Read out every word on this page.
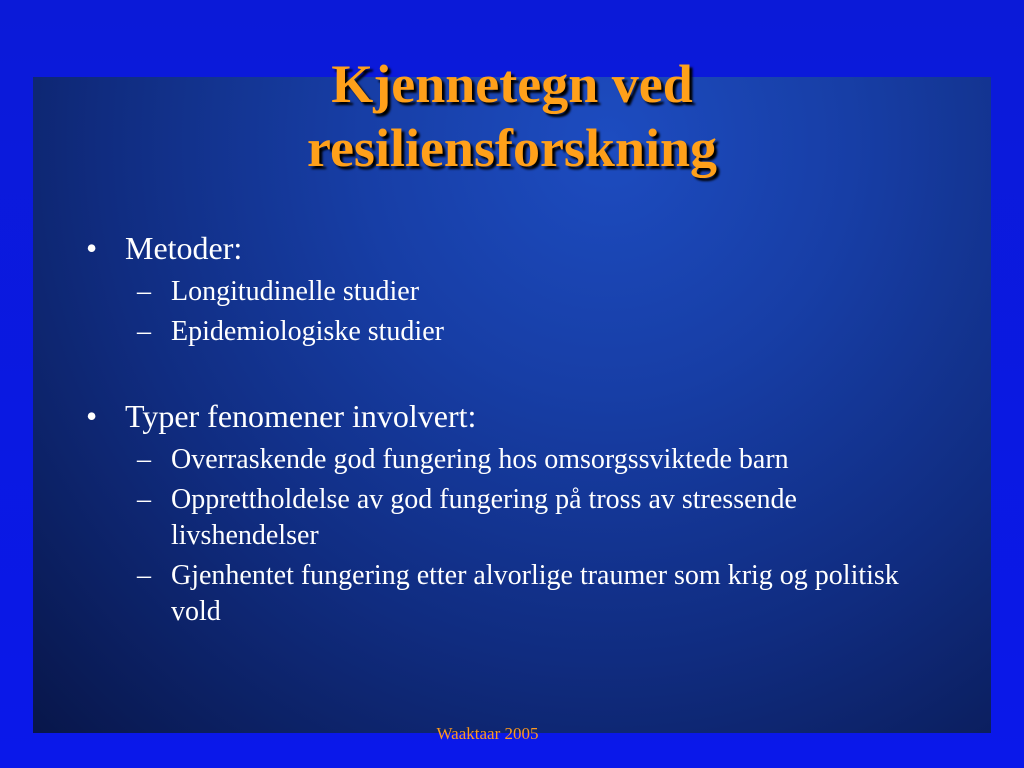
Kjennetegn ved
resiliensforskning
• Metoder:
– Longitudinelle studier
– Epidemiologiske studier
• Typer fenomener involvert:
– Overraskende god fungering hos omsorgssviktede barn
– Opprettholdelse av god fungering på tross av stressende livshendelser
– Gjenhentet fungering etter alvorlige traumer som krig og politisk vold
Waaktaar 2005
